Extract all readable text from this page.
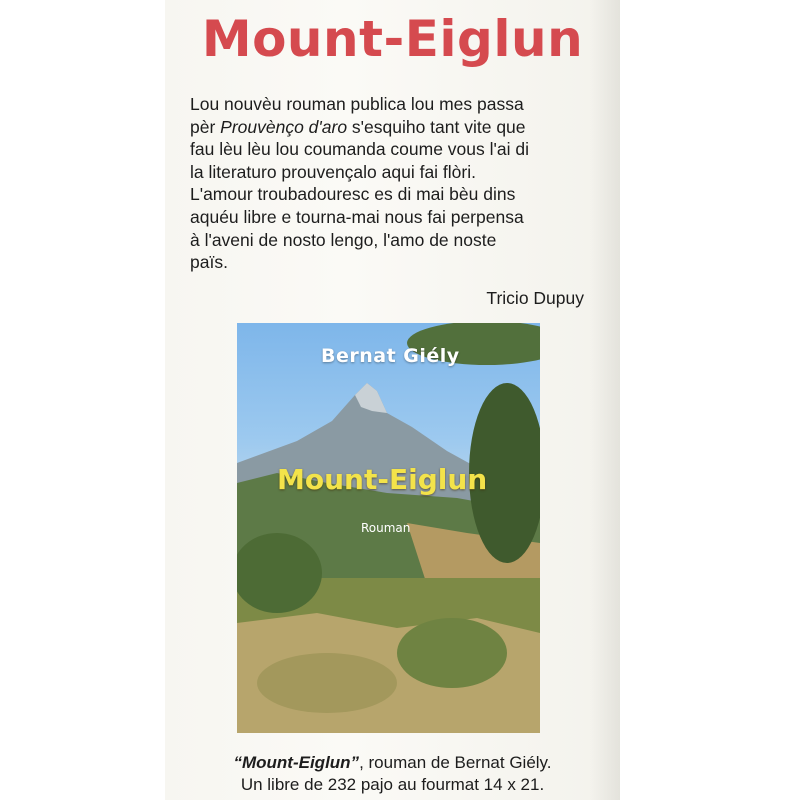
Mount-Eiglun

Lou nouvèu rouman publica lou mes passa
pèr Prouvènço d'aro s'esquiho tant vite que
fau lèu lèu lou coumanda coume vous l'ai di
la literaturo prouvençalo aqui fai flòri.
L'amour troubadouresc es di mai bèu dins
aquéu libre e tourna-mai nous fai perpensa
à l'aveni de nosto lengo, l'amo de noste
païs.

Tricio Dupuy
Bernat Giély
Mount-Eiglun
Rouman

“Mount-Eiglun”, rouman de Bernat Giély.
Un libre de 232 pajo au fourmat 14 x 21.
